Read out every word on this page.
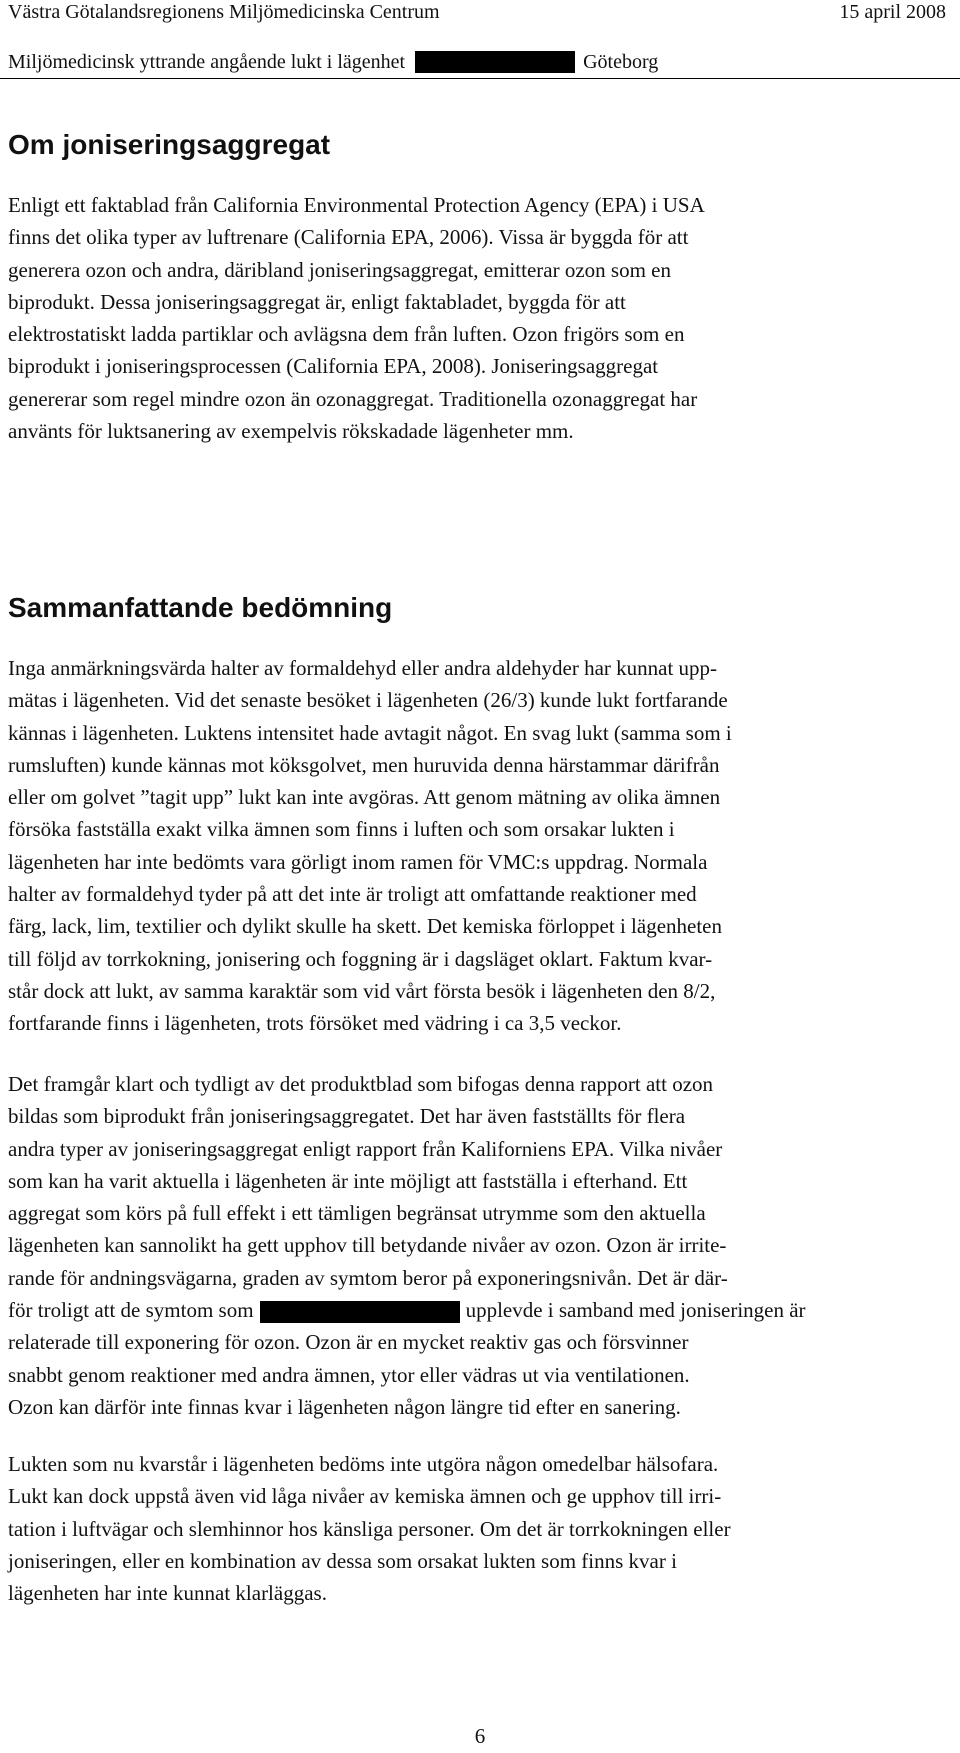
Västra Götalandsregionens Miljömedicinska Centrum	15 april 2008
Miljömedicinsk yttrande angående lukt i lägenhet	Göteborg
Om joniseringsaggregat

Enligt ett faktablad från California Environmental Protection Agency (EPA) i USA
finns det olika typer av luftrenare (California EPA, 2006). Vissa är byggda för att
generera ozon och andra, däribland joniseringsaggregat, emitterar ozon som en
biprodukt. Dessa joniseringsaggregat är, enligt faktabladet, byggda för att
elektrostatiskt ladda partiklar och avlägsna dem från luften. Ozon frigörs som en
biprodukt i joniseringsprocessen (California EPA, 2008). Joniseringsaggregat
genererar som regel mindre ozon än ozonaggregat. Traditionella ozonaggregat har
använts för luktsanering av exempelvis rökskadade lägenheter mm.

Sammanfattande bedömning

Inga anmärkningsvärda halter av formaldehyd eller andra aldehyder har kunnat upp-
mätas i lägenheten. Vid det senaste besöket i lägenheten (26/3) kunde lukt fortfarande
kännas i lägenheten. Luktens intensitet hade avtagit något. En svag lukt (samma som i
rumsluften) kunde kännas mot köksgolvet, men huruvida denna härstammar därifrån
eller om golvet ”tagit upp” lukt kan inte avgöras. Att genom mätning av olika ämnen
försöka fastställa exakt vilka ämnen som finns i luften och som orsakar lukten i
lägenheten har inte bedömts vara görligt inom ramen för VMC:s uppdrag. Normala
halter av formaldehyd tyder på att det inte är troligt att omfattande reaktioner med
färg, lack, lim, textilier och dylikt skulle ha skett. Det kemiska förloppet i lägenheten
till följd av torrkokning, jonisering och foggning är i dagsläget oklart. Faktum kvar-
står dock att lukt, av samma karaktär som vid vårt första besök i lägenheten den 8/2,
fortfarande finns i lägenheten, trots försöket med vädring i ca 3,5 veckor.

Det framgår klart och tydligt av det produktblad som bifogas denna rapport att ozon
bildas som biprodukt från joniseringsaggregatet. Det har även fastställts för flera
andra typer av joniseringsaggregat enligt rapport från Kaliforniens EPA. Vilka nivåer
som kan ha varit aktuella i lägenheten är inte möjligt att fastställa i efterhand. Ett
aggregat som körs på full effekt i ett tämligen begränsat utrymme som den aktuella
lägenheten kan sannolikt ha gett upphov till betydande nivåer av ozon. Ozon är irrite-
rande för andningsvägarna, graden av symtom beror på exponeringsnivån. Det är där-
för troligt att de symtom som	upplevde i samband med joniseringen är
relaterade till exponering för ozon. Ozon är en mycket reaktiv gas och försvinner
snabbt genom reaktioner med andra ämnen, ytor eller vädras ut via ventilationen.
Ozon kan därför inte finnas kvar i lägenheten någon längre tid efter en sanering.

Lukten som nu kvarstår i lägenheten bedöms inte utgöra någon omedelbar hälsofara.
Lukt kan dock uppstå även vid låga nivåer av kemiska ämnen och ge upphov till irri-
tation i luftvägar och slemhinnor hos känsliga personer. Om det är torrkokningen eller
joniseringen, eller en kombination av dessa som orsakat lukten som finns kvar i
lägenheten har inte kunnat klarläggas.

6
